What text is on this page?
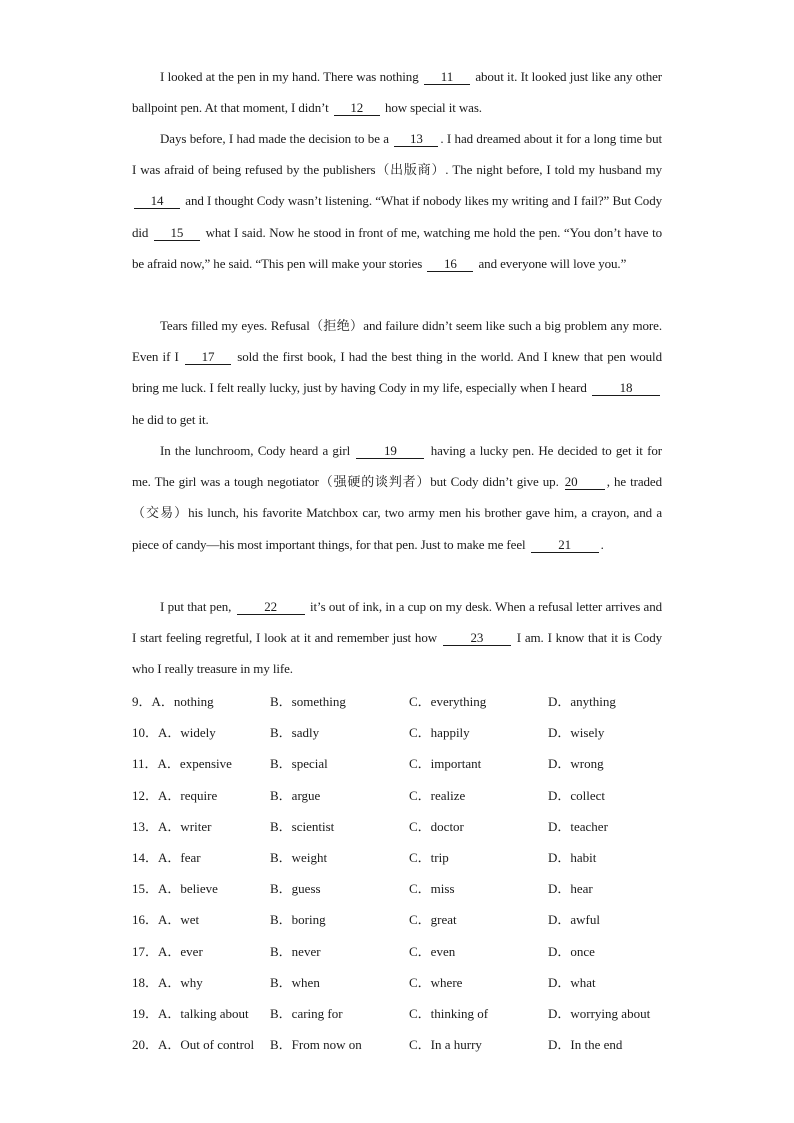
I looked at the pen in my hand. There was nothing 11 about it. It looked just like any other ballpoint pen. At that moment, I didn’t 12 how special it was.
Days before, I had made the decision to be a 13 . I had dreamed about it for a long time but I was afraid of being refused by the publishers（出版商）. The night before, I told my husband my 14 and I thought Cody wasn’t listening. “What if nobody likes my writing and I fail?” But Cody did 15 what I said. Now he stood in front of me, watching me hold the pen. “You don’t have to be afraid now,” he said. “This pen will make your stories 16 and everyone will love you.”
Tears filled my eyes. Refusal（拒绝）and failure didn’t seem like such a big problem any more. Even if I 17 sold the first book, I had the best thing in the world. And I knew that pen would bring me luck. I felt really lucky, just by having Cody in my life, especially when I heard	18 he did to get it.
In the lunchroom, Cody heard a girl	19	having a lucky pen. He decided to get it for me. The girl was a tough negotiator（强硬的谈判者）but Cody didn’t give up. 20 , he traded（交易）his lunch, his favorite Matchbox car, two army men his brother gave him, a crayon, and a piece of candy—his most important things, for that pen. Just to make me feel	21 .
I put that pen,	22	it’s out of ink, in a cup on my desk. When a refusal letter arrives and I start feeling regretful, I look at it and remember just how	23	I am. I know that it is Cody who I really treasure in my life.
9．A．nothing	B．something	C．everything	D．anything
10．A．widely	B．sadly	C．happily	D．wisely
11．A．expensive	B．special	C．important	D．wrong
12．A．require	B．argue	C．realize	D．collect
13．A．writer	B．scientist	C．doctor	D．teacher
14．A．fear	B．weight	C．trip	D．habit
15．A．believe	B．guess	C．miss	D．hear
16．A．wet	B．boring	C．great	D．awful
17．A．ever	B．never	C．even	D．once
18．A．why	B．when	C．where	D．what
19．A．talking about B．caring for	C．thinking of	D．worrying about
20．A．Out of control B．From now on	C．In a hurry	D．In the end
